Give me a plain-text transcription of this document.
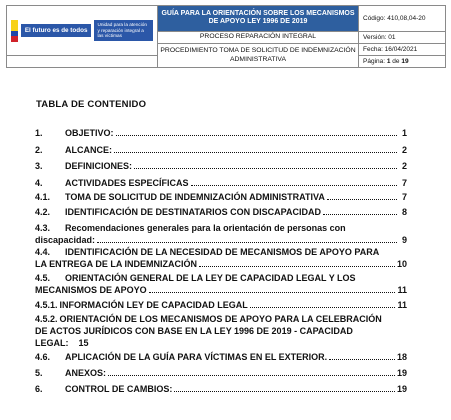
El futuro es de todos
Unidad para la atención y reparación integral a las víctimas	GUÍA PARA LA ORIENTACIÓN SOBRE LOS MECANISMOS DE APOYO LEY 1996 DE 2019	Código: 410,08,04-20
	PROCESO REPARACIÓN INTEGRAL	Versión: 01
	PROCEDIMIENTO TOMA DE SOLICITUD DE INDEMNIZACIÓN ADMINISTRATIVA	Fecha: 16/04/2021
		Página: 1 de 19
TABLA DE CONTENIDO
1.	OBJETIVO:	1
2.	ALCANCE:	2
3.	DEFINICIONES:	2
4.	ACTIVIDADES ESPECÍFICAS	7
4.1.	TOMA DE SOLICITUD DE INDEMNIZACIÓN ADMINISTRATIVA	7
4.2.	IDENTIFICACIÓN DE DESTINATARIOS CON DISCAPACIDAD	8
4.3. Recomendaciones generales para la orientación de personas con
discapacidad:	9
4.4. IDENTIFICACIÓN DE LA NECESIDAD DE MECANISMOS DE APOYO PARA
LA ENTREGA DE LA INDEMNIZACIÓN	10
4.5. ORIENTACIÓN GENERAL DE LA LEY DE CAPACIDAD LEGAL Y LOS
MECANISMOS DE APOYO	11
4.5.1. INFORMACIÓN LEY DE CAPACIDAD LEGAL	11
4.5.2. ORIENTACIÓN DE LOS MECANISMOS DE APOYO PARA LA CELEBRACIÓN
DE ACTOS JURÍDICOS CON BASE EN LA LEY 1996 DE 2019 - CAPACIDAD
LEGAL: 15
4.6.	APLICACIÓN DE LA GUÍA PARA VÍCTIMAS EN EL EXTERIOR.	18
5.	ANEXOS:	19
6.	CONTROL DE CAMBIOS:	19
